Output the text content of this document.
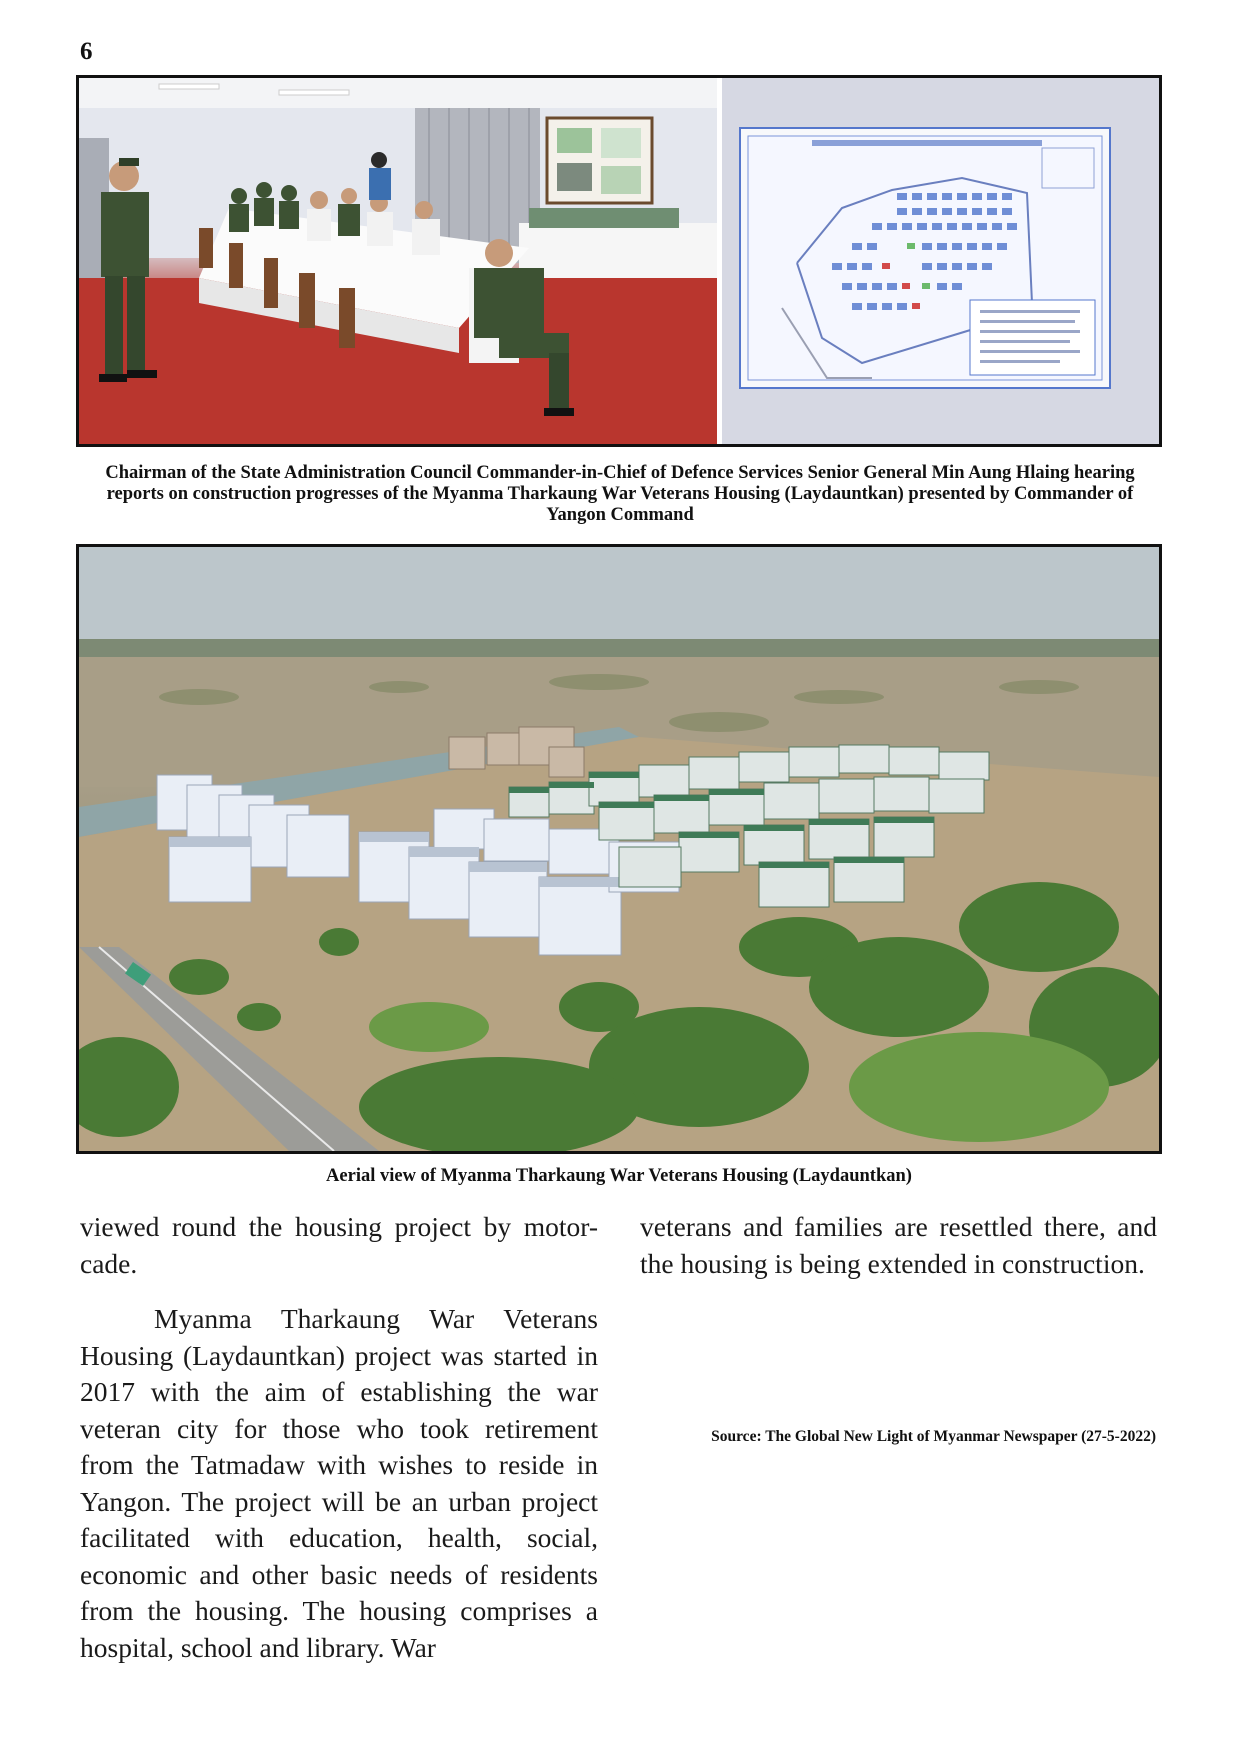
6
Chairman of the State Administration Council Commander-in-Chief of Defence Services Senior General Min Aung Hlaing hearing reports on construction progresses of the Myanma Tharkaung War Veterans Housing (Laydauntkan) presented by Commander of Yangon Command
Aerial view of Myanma Tharkaung War Veterans Housing (Laydauntkan)
viewed round the housing project by motor-cade.
Myanma Tharkaung War Veterans Housing (Laydauntkan) project was started in 2017 with the aim of establishing the war veteran city for those who took retirement from the Tatmadaw with wishes to reside in Yangon. The project will be an urban project facilitated with education, health, social, economic and other basic needs of residents from the housing. The housing comprises a hospital, school and library. War
veterans and families are resettled there, and the housing is being extended in construction.
Source: The Global New Light of Myanmar Newspaper (27-5-2022)
